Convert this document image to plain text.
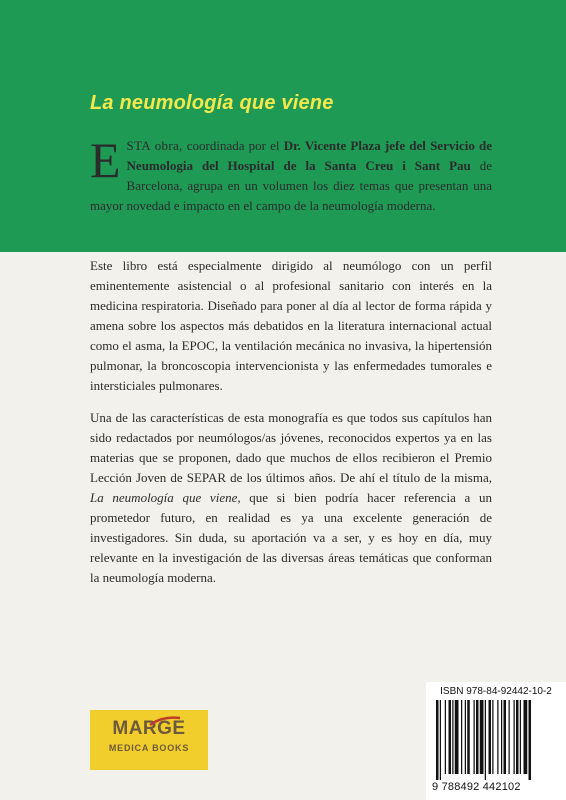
La neumología que viene
ESTA obra, coordinada por el Dr. Vicente Plaza jefe del Servicio de Neumologia del Hospital de la Santa Creu i Sant Pau de Barcelona, agrupa en un volumen los diez temas que presentan una mayor novedad e impacto en el campo de la neumología moderna.

Este libro está especialmente dirigido al neumólogo con un perfil eminentemente asistencial o al profesional sanitario con interés en la medicina respiratoria. Diseñado para poner al día al lector de forma rápida y amena sobre los aspectos más debatidos en la literatura internacional actual como el asma, la EPOC, la ventilación mecánica no invasiva, la hipertensión pulmonar, la broncoscopia intervencionista y las enfermedades tumorales e intersticiales pulmonares.

Una de las características de esta monografía es que todos sus capítulos han sido redactados por neumólogos/as jóvenes, reconocidos expertos ya en las materias que se proponen, dado que muchos de ellos recibieron el Premio Lección Joven de SEPAR de los últimos años. De ahí el título de la misma, La neumología que viene, que si bien podría hacer referencia a un prometedor futuro, en realidad es ya una excelente generación de investigadores. Sin duda, su aportación va a ser, y es hoy en día, muy relevante en la investigación de las diversas áreas temáticas que conforman la neumología moderna.

MARGE
MEDICA BOOKS
ISBN 978-84-92442-10-2
9 788492 442102
